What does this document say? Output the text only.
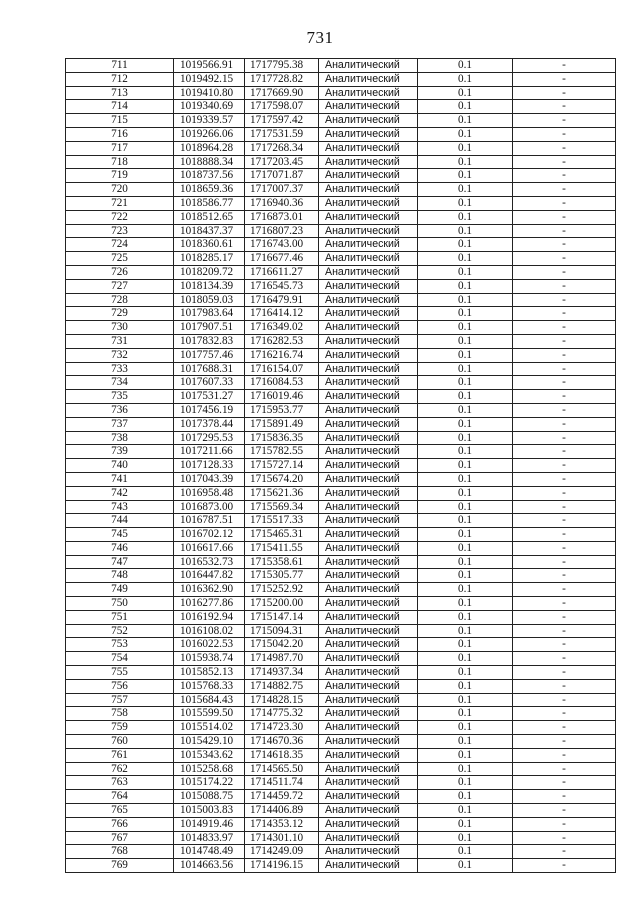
731
711	1019566.91	1717795.38	Аналитический	0.1	-
712	1019492.15	1717728.82	Аналитический	0.1	-
713	1019410.80	1717669.90	Аналитический	0.1	-
714	1019340.69	1717598.07	Аналитический	0.1	-
715	1019339.57	1717597.42	Аналитический	0.1	-
716	1019266.06	1717531.59	Аналитический	0.1	-
717	1018964.28	1717268.34	Аналитический	0.1	-
718	1018888.34	1717203.45	Аналитический	0.1	-
719	1018737.56	1717071.87	Аналитический	0.1	-
720	1018659.36	1717007.37	Аналитический	0.1	-
721	1018586.77	1716940.36	Аналитический	0.1	-
722	1018512.65	1716873.01	Аналитический	0.1	-
723	1018437.37	1716807.23	Аналитический	0.1	-
724	1018360.61	1716743.00	Аналитический	0.1	-
725	1018285.17	1716677.46	Аналитический	0.1	-
726	1018209.72	1716611.27	Аналитический	0.1	-
727	1018134.39	1716545.73	Аналитический	0.1	-
728	1018059.03	1716479.91	Аналитический	0.1	-
729	1017983.64	1716414.12	Аналитический	0.1	-
730	1017907.51	1716349.02	Аналитический	0.1	-
731	1017832.83	1716282.53	Аналитический	0.1	-
732	1017757.46	1716216.74	Аналитический	0.1	-
733	1017688.31	1716154.07	Аналитический	0.1	-
734	1017607.33	1716084.53	Аналитический	0.1	-
735	1017531.27	1716019.46	Аналитический	0.1	-
736	1017456.19	1715953.77	Аналитический	0.1	-
737	1017378.44	1715891.49	Аналитический	0.1	-
738	1017295.53	1715836.35	Аналитический	0.1	-
739	1017211.66	1715782.55	Аналитический	0.1	-
740	1017128.33	1715727.14	Аналитический	0.1	-
741	1017043.39	1715674.20	Аналитический	0.1	-
742	1016958.48	1715621.36	Аналитический	0.1	-
743	1016873.00	1715569.34	Аналитический	0.1	-
744	1016787.51	1715517.33	Аналитический	0.1	-
745	1016702.12	1715465.31	Аналитический	0.1	-
746	1016617.66	1715411.55	Аналитический	0.1	-
747	1016532.73	1715358.61	Аналитический	0.1	-
748	1016447.82	1715305.77	Аналитический	0.1	-
749	1016362.90	1715252.92	Аналитический	0.1	-
750	1016277.86	1715200.00	Аналитический	0.1	-
751	1016192.94	1715147.14	Аналитический	0.1	-
752	1016108.02	1715094.31	Аналитический	0.1	-
753	1016022.53	1715042.20	Аналитический	0.1	-
754	1015938.74	1714987.70	Аналитический	0.1	-
755	1015852.13	1714937.34	Аналитический	0.1	-
756	1015768.33	1714882.75	Аналитический	0.1	-
757	1015684.43	1714828.15	Аналитический	0.1	-
758	1015599.50	1714775.32	Аналитический	0.1	-
759	1015514.02	1714723.30	Аналитический	0.1	-
760	1015429.10	1714670.36	Аналитический	0.1	-
761	1015343.62	1714618.35	Аналитический	0.1	-
762	1015258.68	1714565.50	Аналитический	0.1	-
763	1015174.22	1714511.74	Аналитический	0.1	-
764	1015088.75	1714459.72	Аналитический	0.1	-
765	1015003.83	1714406.89	Аналитический	0.1	-
766	1014919.46	1714353.12	Аналитический	0.1	-
767	1014833.97	1714301.10	Аналитический	0.1	-
768	1014748.49	1714249.09	Аналитический	0.1	-
769	1014663.56	1714196.15	Аналитический	0.1	-
